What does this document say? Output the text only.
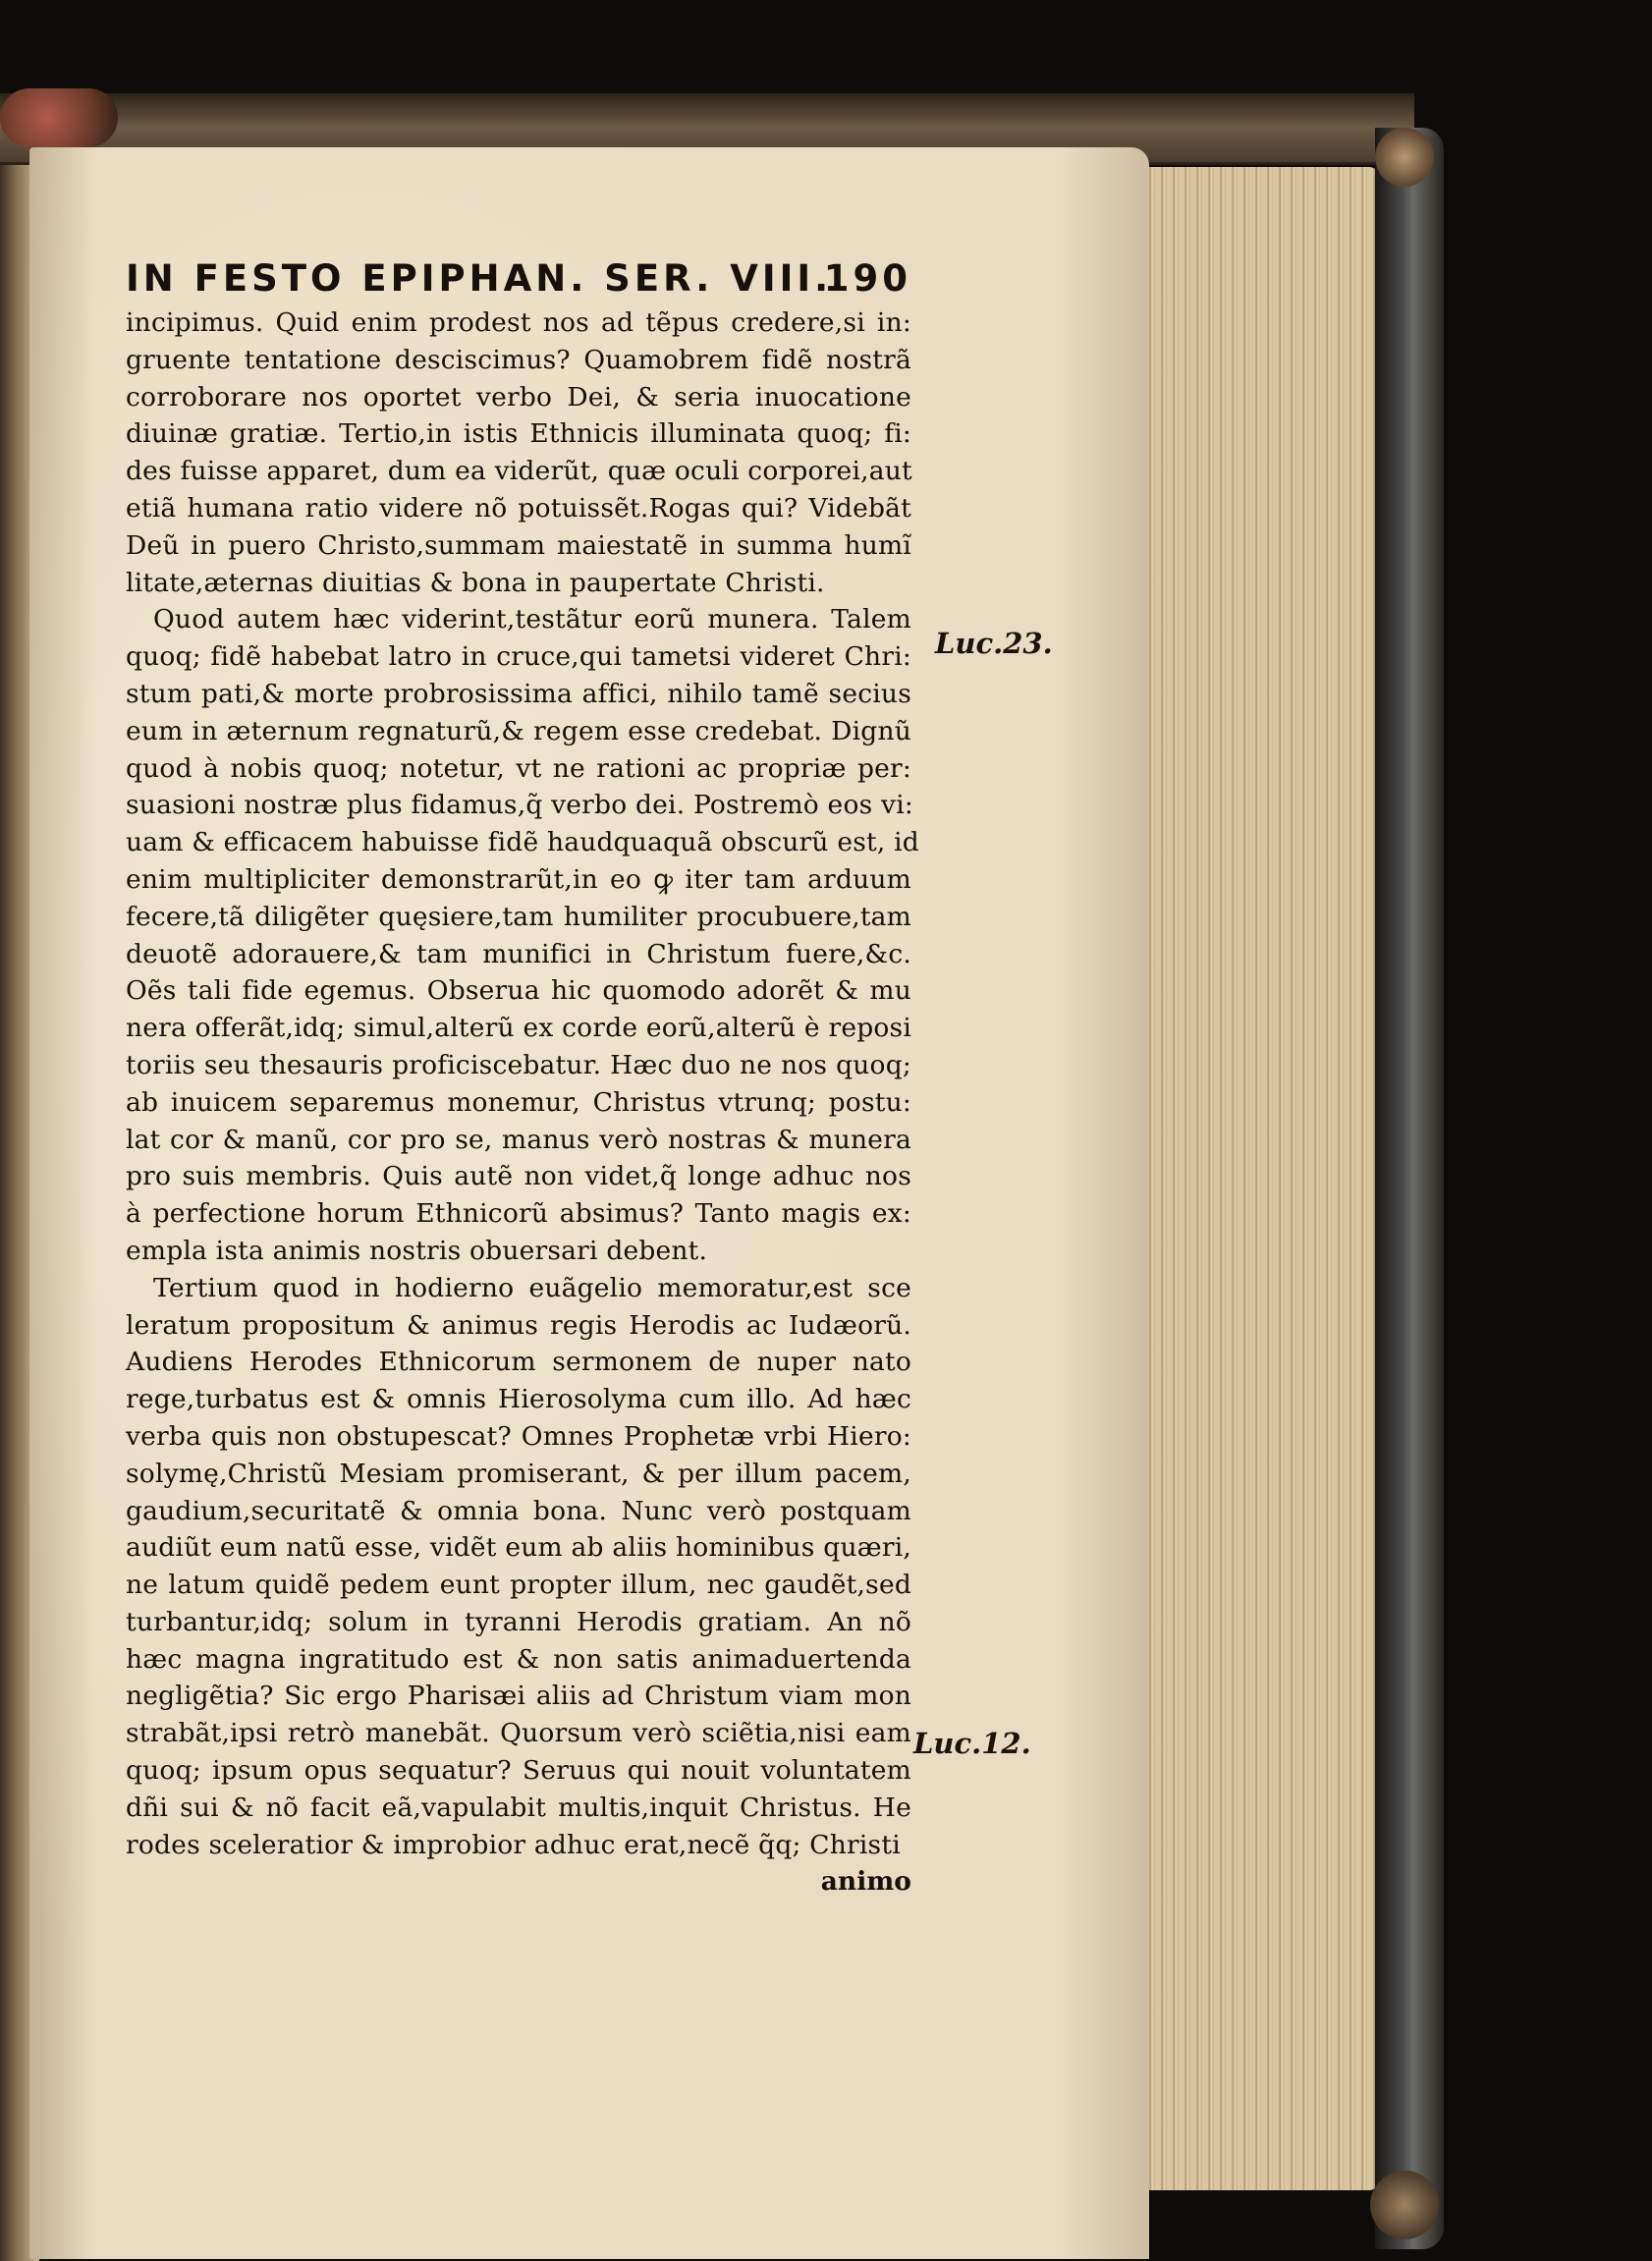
IN FESTO EPIPHAN. SER. VIII.
190
incipimus. Quid enim prodest nos ad tẽpus credere,si in:
gruente tentatione desciscimus? Quamobrem fidẽ nostrã
corroborare nos oportet verbo Dei, & seria inuocatione
diuinæ gratiæ. Tertio,in istis Ethnicis illuminata quoq; fi:
des fuisse apparet, dum ea viderũt, quæ oculi corporei,aut
etiã humana ratio videre nõ potuissẽt.Rogas qui? Videbãt
Deũ in puero Christo,summam maiestatẽ in summa humĩ
litate,æternas diuitias & bona in paupertate Christi.
Quod autem hæc viderint,testãtur eorũ munera. Talem
quoq; fidẽ habebat latro in cruce,qui tametsi videret Chri:
stum pati,& morte probrosissima affici, nihilo tamẽ secius
eum in æternum regnaturũ,& regem esse credebat. Dignũ
quod à nobis quoq; notetur, vt ne rationi ac propriæ per:
suasioni nostræ plus fidamus,q̃ verbo dei. Postremò eos vi:
uam & efficacem habuisse fidẽ haudquaquã obscurũ est, id
enim multipliciter demonstrarũt,in eo ꝙ iter tam arduum
fecere,tã diligẽter quęsiere,tam humiliter procubuere,tam
deuotẽ adorauere,& tam munifici in Christum fuere,&c.
Oẽs tali fide egemus. Obserua hic quomodo adorẽt & mu
nera offerãt,idq; simul,alterũ ex corde eorũ,alterũ è reposi
toriis seu thesauris proficiscebatur. Hæc duo ne nos quoq;
ab inuicem separemus monemur, Christus vtrunq; postu:
lat cor & manũ, cor pro se, manus verò nostras & munera
pro suis membris. Quis autẽ non videt,q̃ longe adhuc nos
à perfectione horum Ethnicorũ absimus? Tanto magis ex:
empla ista animis nostris obuersari debent.
Tertium quod in hodierno euãgelio memoratur,est sce
leratum propositum & animus regis Herodis ac Iudæorũ.
Audiens Herodes Ethnicorum sermonem de nuper nato
rege,turbatus est & omnis Hierosolyma cum illo. Ad hæc
verba quis non obstupescat? Omnes Prophetæ vrbi Hiero:
solymę,Christũ Mesiam promiserant, & per illum pacem,
gaudium,securitatẽ & omnia bona. Nunc verò postquam
audiũt eum natũ esse, vidẽt eum ab aliis hominibus quæri,
ne latum quidẽ pedem eunt propter illum, nec gaudẽt,sed
turbantur,idq; solum in tyranni Herodis gratiam. An nõ
hæc magna ingratitudo est & non satis animaduertenda
negligẽtia? Sic ergo Pharisæi aliis ad Christum viam mon
strabãt,ipsi retrò manebãt. Quorsum verò sciẽtia,nisi eam
quoq; ipsum opus sequatur? Seruus qui nouit voluntatem
dñi sui & nõ facit eã,vapulabit multis,inquit Christus. He
rodes sceleratior & improbior adhuc erat,necẽ q̃q; Christi
animo
Luc.23.
Luc.12.
